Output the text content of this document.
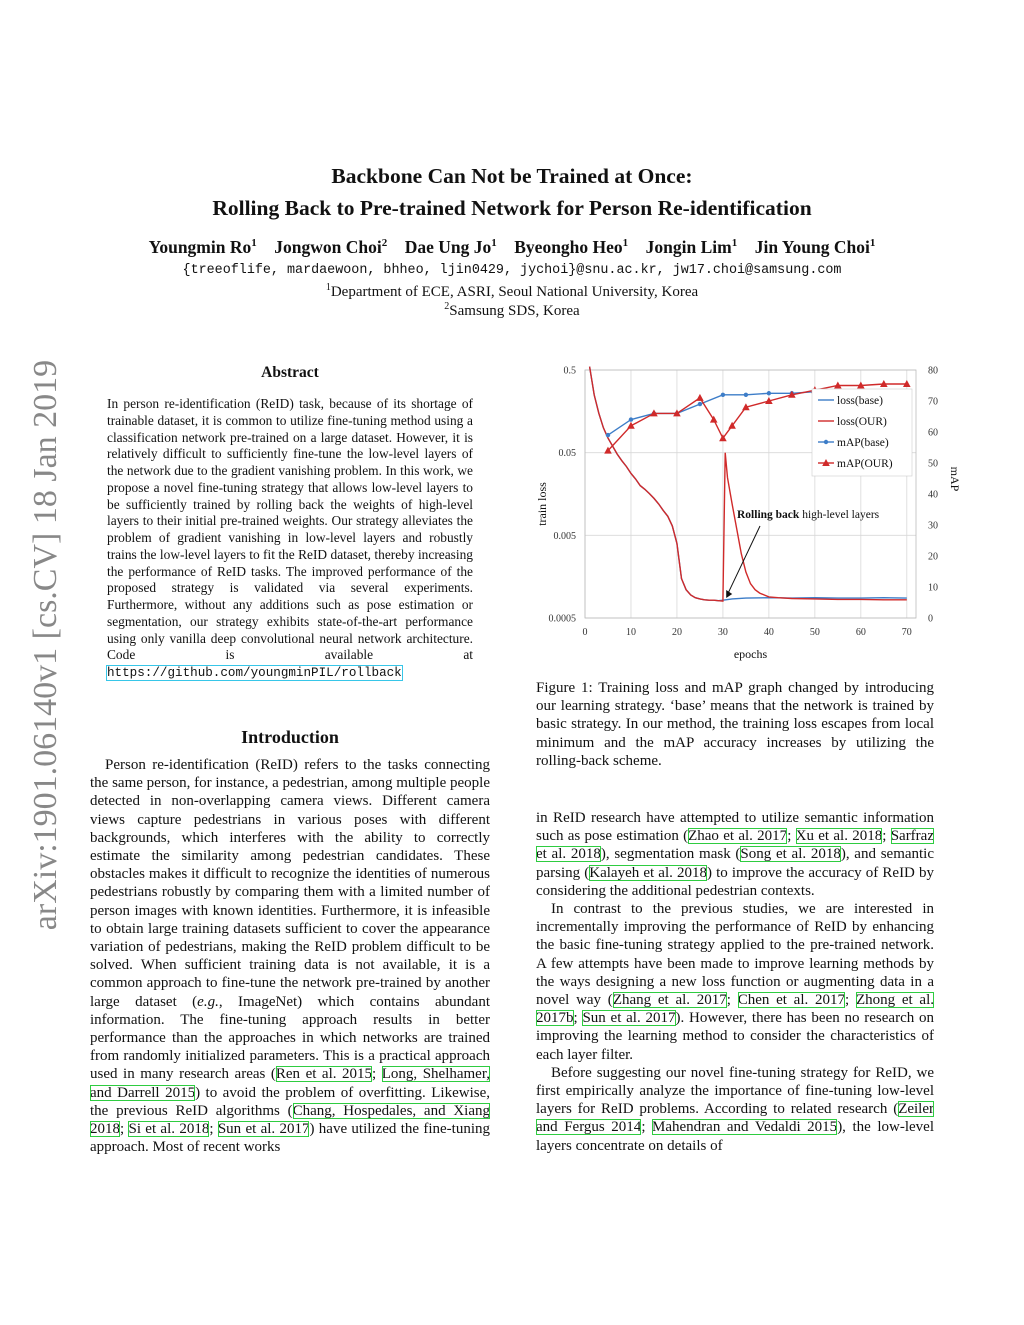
arXiv:1901.06140v1 [cs.CV] 18 Jan 2019
Backbone Can Not be Trained at Once:
Rolling Back to Pre-trained Network for Person Re-identification
Youngmin Ro$^1$ Jongwon Choi$^2$ Dae Ung Jo$^1$ Byeongho Heo$^1$ Jongin Lim$^1$ Jin Young Choi$^1$
{treeoflife, mardaewoon, bhheo, ljin0429, jychoi}@snu.ac.kr, jw17.choi@samsung.com
$^1$Department of ECE, ASRI, Seoul National University, Korea
$^2$Samsung SDS, Korea
Abstract
In person re-identification (ReID) task, because of its shortage of trainable dataset, it is common to utilize fine-tuning method using a classification network pre-trained on a large dataset. However, it is relatively difficult to sufficiently fine-tune the low-level layers of the network due to the gradient vanishing problem. In this work, we propose a novel fine-tuning strategy that allows low-level layers to be sufficiently trained by rolling back the weights of high-level layers to their initial pre-trained weights. Our strategy alleviates the problem of gradient vanishing in low-level layers and robustly trains the low-level layers to fit the ReID dataset, thereby increasing the performance of ReID tasks. The improved performance of the proposed strategy is validated via several experiments. Furthermore, without any additions such as pose estimation or segmentation, our strategy exhibits state-of-the-art performance using only vanilla deep convolutional neural network architecture. Code is available at https://github.com/youngminPIL/rollback
Introduction

Person re-identification (ReID) refers to the tasks connecting the same person, for instance, a pedestrian, among multiple people detected in non-overlapping camera views. Different camera views capture pedestrians in various poses with different backgrounds, which interferes with the ability to correctly estimate the similarity among pedestrian candidates. These obstacles makes it difficult to recognize the identities of numerous pedestrians robustly by comparing them with a limited number of person images with known identities. Furthermore, it is infeasible to obtain large training datasets sufficient to cover the appearance variation of pedestrians, making the ReID problem difficult to be solved. When sufficient training data is not available, it is a common approach to fine-tune the network pre-trained by another large dataset (e.g., ImageNet) which contains abundant information. The fine-tuning approach results in better performance than the approaches in which networks are trained from randomly initialized parameters. This is a practical approach used in many research areas (Ren et al. 2015; Long, Shelhamer, and Darrell 2015) to avoid the problem of overfitting. Likewise, the previous ReID algorithms (Chang, Hospedales, and Xiang 2018; Si et al. 2018; Sun et al. 2017) have utilized the fine-tuning approach. Most of recent works

0	10	20	30	40	50	60	70
0.5
0.05
0.005
0.0005
80
70
60
50
40
30
20
10
0
epochs
train loss
mAP
loss(base)
loss(OUR)
mAP(base)
mAP(OUR)
Rolling back high-level layers
Figure 1: Training loss and mAP graph changed by introducing our learning strategy. ‘base’ means that the network is trained by basic strategy. In our method, the training loss escapes from local minimum and the mAP accuracy increases by utilizing the rolling-back scheme.

in ReID research have attempted to utilize semantic information such as pose estimation (Zhao et al. 2017; Xu et al. 2018; Sarfraz et al. 2018), segmentation mask (Song et al. 2018), and semantic parsing (Kalayeh et al. 2018) to improve the accuracy of ReID by considering the additional pedestrian contexts.

In contrast to the previous studies, we are interested in incrementally improving the performance of ReID by enhancing the basic fine-tuning strategy applied to the pre-trained network. A few attempts have been made to improve learning methods by the ways designing a new loss function or augmenting data in a novel way (Zhang et al. 2017; Chen et al. 2017; Zhong et al. 2017b; Sun et al. 2017). However, there has been no research on improving the learning method to consider the characteristics of each layer filter.

Before suggesting our novel fine-tuning strategy for ReID, we first empirically analyze the importance of fine-tuning low-level layers for ReID problems. According to related research (Zeiler and Fergus 2014; Mahendran and Vedaldi 2015), the low-level layers concentrate on details of
